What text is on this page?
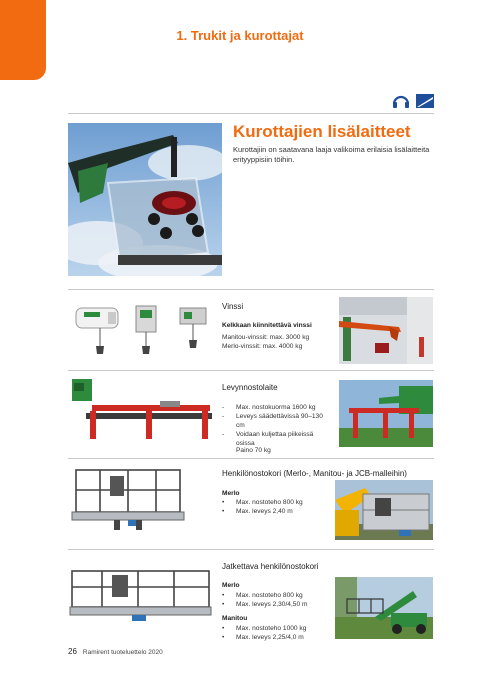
1. Trukit ja kurottajat
Kurottajien lisälaitteet
Kurottajiin on saatavana laaja valikoima erilaisia lisälaitteita erityyppisiin töihin.
Vinssi
Kelkkaan kiinnitettävä vinssi
Manitou-vinssit: max. 3000 kg
Merlo-vinssit: max. 4000 kg
Levynnostolaite
-	Max. nostokuorma 1600 kg
-	Leveys säädettävissä 90–130 cm
-	Voidaan kuljettaa piikeissä osissa
Paino 70 kg
Henkilönostokori (Merlo-, Manitou- ja JCB-malleihin)
Merlo
•	Max. nostoteho 800 kg
•	Max. leveys 2,40 m
Jatkettava henkilönostokori
Merlo
•	Max. nostoteho 800 kg
•	Max. leveys 2,30/4,50 m
Manitou
•	Max. nostoteho 1000 kg
•	Max. leveys 2,25/4,0 m
26 Ramirent tuoteluettelo 2020
